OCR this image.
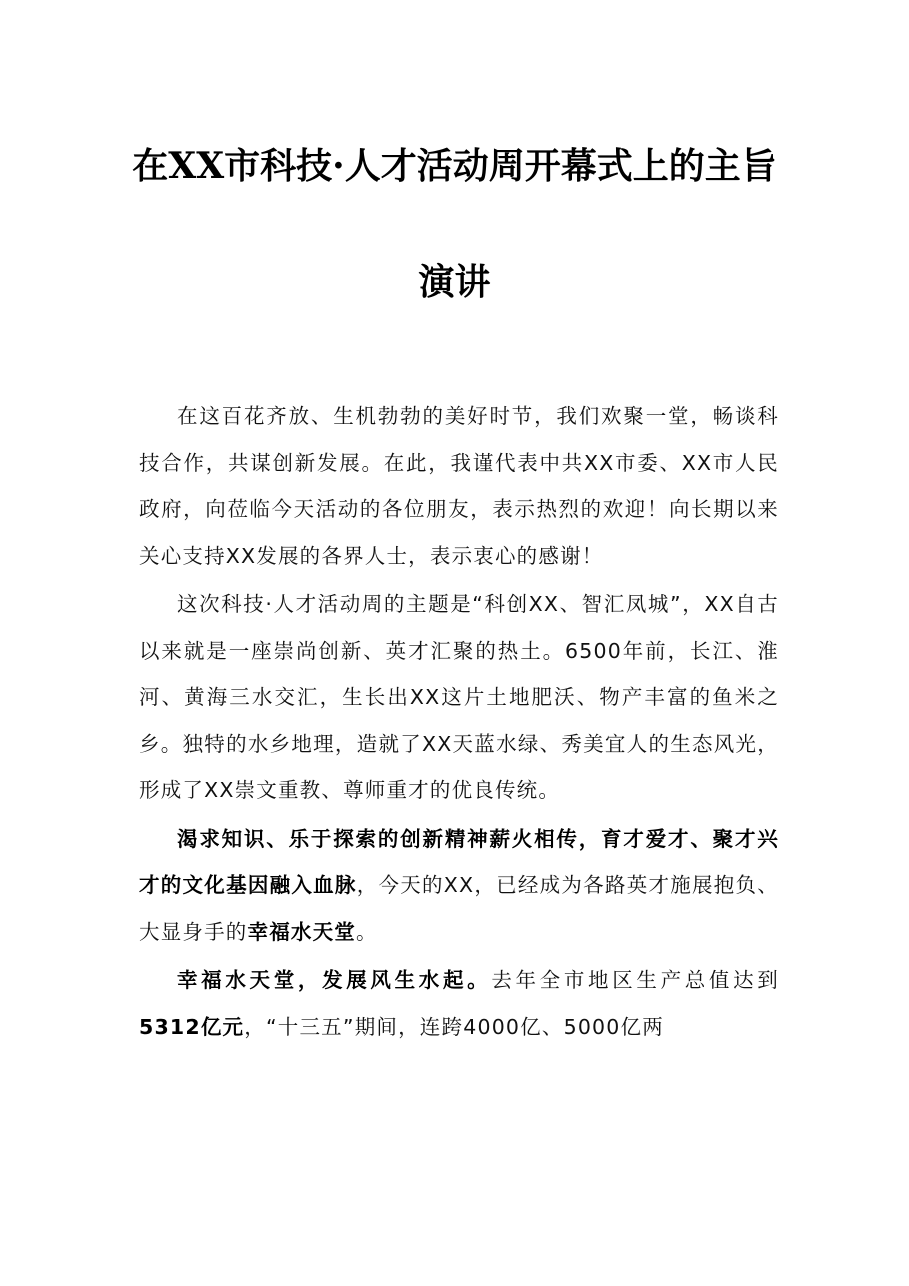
在XX市科技·人才活动周开幕式上的主旨
演讲

在这百花齐放、生机勃勃的美好时节，我们欢聚一堂，畅谈科技合作，共谋创新发展。在此，我谨代表中共XX市委、XX市人民政府，向莅临今天活动的各位朋友，表示热烈的欢迎！向长期以来关心支持XX发展的各界人士，表示衷心的感谢！

这次科技·人才活动周的主题是“科创XX、智汇凤城”，XX自古以来就是一座崇尚创新、英才汇聚的热土。6500年前，长江、淮河、黄海三水交汇，生长出XX这片土地肥沃、物产丰富的鱼米之乡。独特的水乡地理，造就了XX天蓝水绿、秀美宜人的生态风光，形成了XX崇文重教、尊师重才的优良传统。

渴求知识、乐于探索的创新精神薪火相传，育才爱才、聚才兴才的文化基因融入血脉，今天的XX，已经成为各路英才施展抱负、大显身手的幸福水天堂。

幸福水天堂，发展风生水起。去年全市地区生产总值达到5312亿元，“十三五”期间，连跨4000亿、5000亿两
